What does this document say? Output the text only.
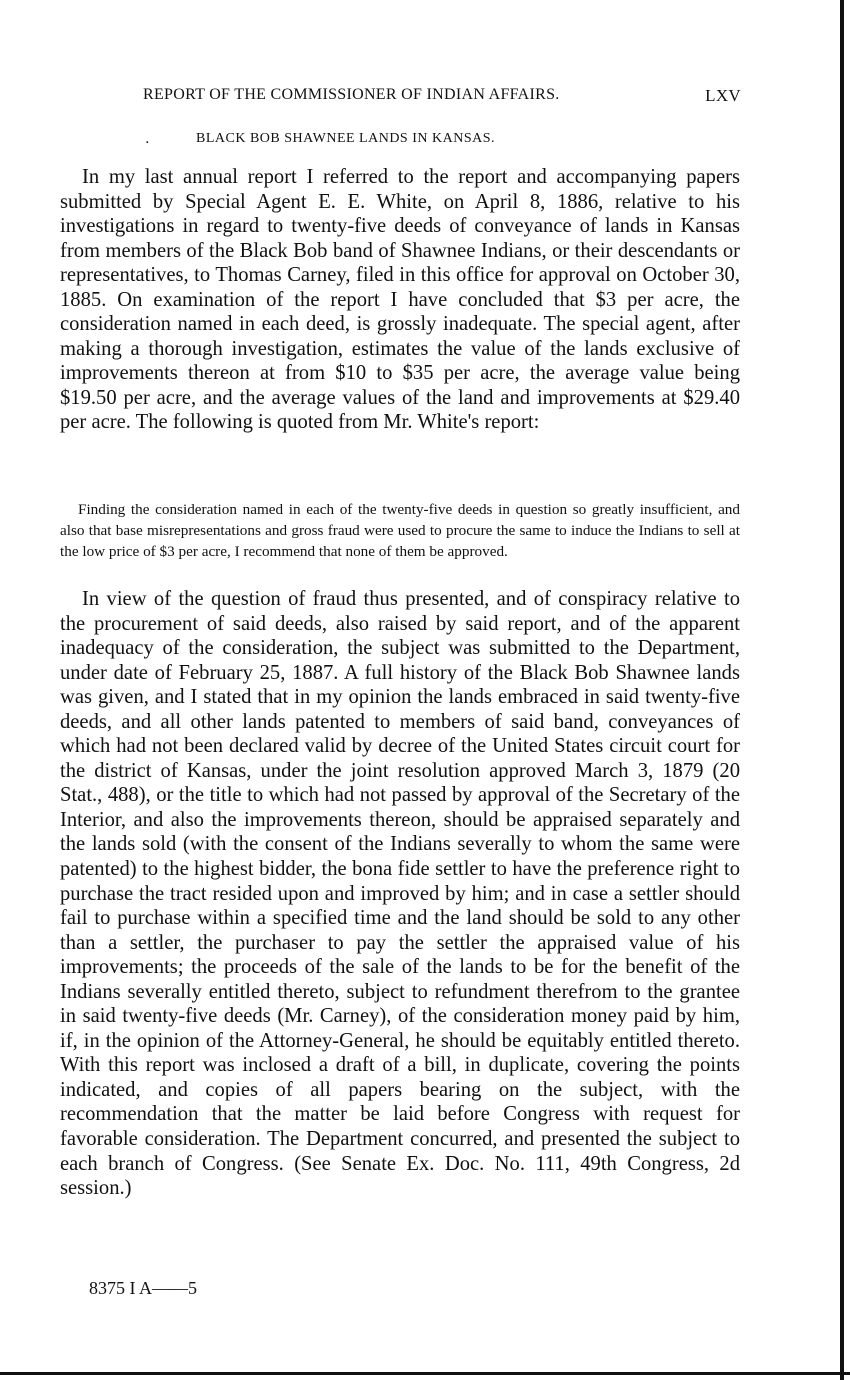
REPORT OF THE COMMISSIONER OF INDIAN AFFAIRS.	LXV
.	BLACK BOB SHAWNEE LANDS IN KANSAS.

In my last annual report I referred to the report and accompanying papers submitted by Special Agent E. E. White, on April 8, 1886, relative to his investigations in regard to twenty-five deeds of conveyance of lands in Kansas from members of the Black Bob band of Shawnee Indians, or their descendants or representatives, to Thomas Carney, filed in this office for approval on October 30, 1885. On examination of the report I have concluded that $3 per acre, the consideration named in each deed, is grossly inadequate. The special agent, after making a thorough investigation, estimates the value of the lands exclusive of improvements thereon at from $10 to $35 per acre, the average value being $19.50 per acre, and the average values of the land and improvements at $29.40 per acre. The following is quoted from Mr. White's report:

Finding the consideration named in each of the twenty-five deeds in question so greatly insufficient, and also that base misrepresentations and gross fraud were used to procure the same to induce the Indians to sell at the low price of $3 per acre, I recommend that none of them be approved.

In view of the question of fraud thus presented, and of conspiracy relative to the procurement of said deeds, also raised by said report, and of the apparent inadequacy of the consideration, the subject was submitted to the Department, under date of February 25, 1887. A full history of the Black Bob Shawnee lands was given, and I stated that in my opinion the lands embraced in said twenty-five deeds, and all other lands patented to members of said band, conveyances of which had not been declared valid by decree of the United States circuit court for the district of Kansas, under the joint resolution approved March 3, 1879 (20 Stat., 488), or the title to which had not passed by approval of the Secretary of the Interior, and also the improvements thereon, should be appraised separately and the lands sold (with the consent of the Indians severally to whom the same were patented) to the highest bidder, the bona fide settler to have the preference right to purchase the tract resided upon and improved by him; and in case a settler should fail to purchase within a specified time and the land should be sold to any other than a settler, the purchaser to pay the settler the appraised value of his improvements; the proceeds of the sale of the lands to be for the benefit of the Indians severally entitled thereto, subject to refundment therefrom to the grantee in said twenty-five deeds (Mr. Carney), of the consideration money paid by him, if, in the opinion of the Attorney-General, he should be equitably entitled thereto. With this report was inclosed a draft of a bill, in duplicate, covering the points indicated, and copies of all papers bearing on the subject, with the recommendation that the matter be laid before Congress with request for favorable consideration. The Department concurred, and presented the subject to each branch of Congress. (See Senate Ex. Doc. No. 111, 49th Congress, 2d session.)

8375 I A——5
